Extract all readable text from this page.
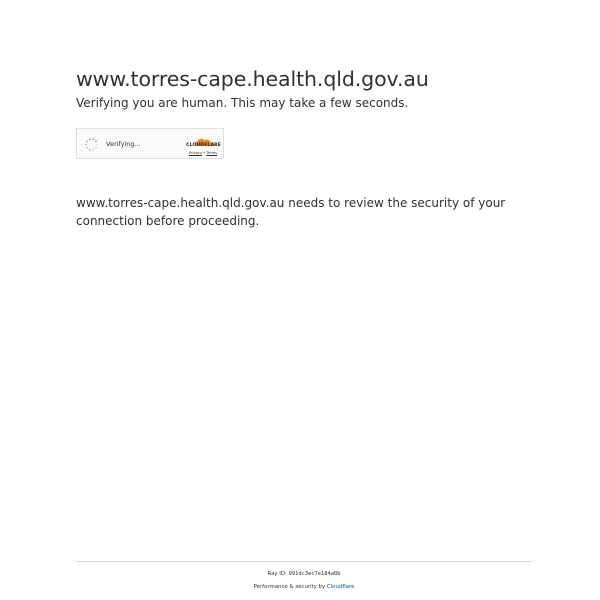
www.torres-cape.health.qld.gov.au
Verifying you are human. This may take a few seconds.
Verifying...	CLOUDFLARE
Privacy • Terms
www.torres-cape.health.qld.gov.au needs to review the security of your connection before proceeding.
Ray ID: 991dc3ec7e184a0b
Performance & security by Cloudflare
